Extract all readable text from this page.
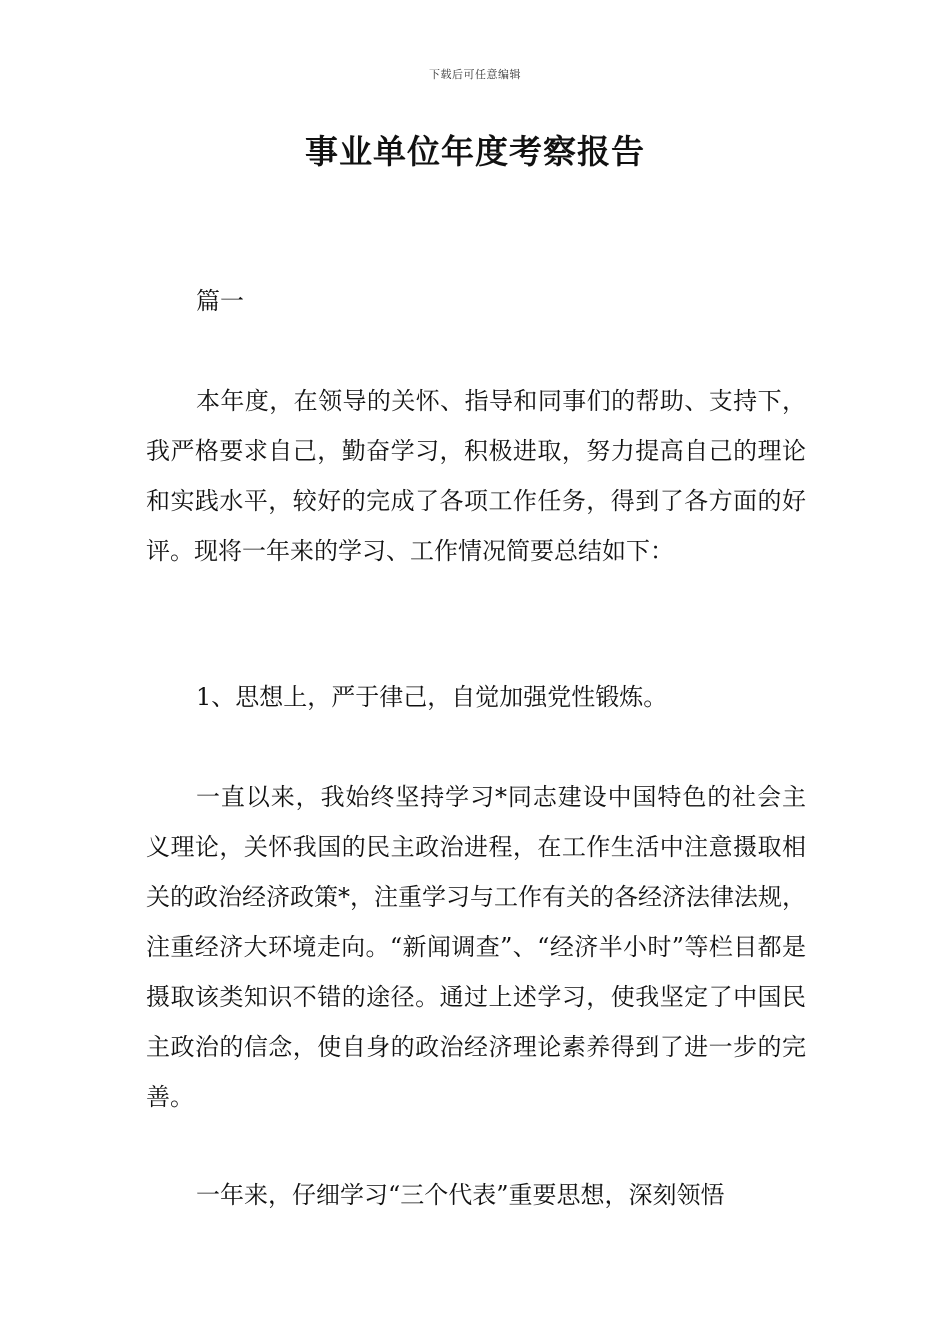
下载后可任意编辑
事业单位年度考察报告

篇一

本年度，在领导的关怀、指导和同事们的帮助、支持下，我严格要求自己，勤奋学习，积极进取，努力提高自己的理论和实践水平，较好的完成了各项工作任务，得到了各方面的好评。现将一年来的学习、工作情况简要总结如下：

1、思想上，严于律己，自觉加强党性锻炼。

一直以来，我始终坚持学习*同志建设中国特色的社会主义理论，关怀我国的民主政治进程，在工作生活中注意摄取相关的政治经济政策*，注重学习与工作有关的各经济法律法规，注重经济大环境走向。“新闻调查”、“经济半小时”等栏目都是摄取该类知识不错的途径。通过上述学习，使我坚定了中国民主政治的信念，使自身的政治经济理论素养得到了进一步的完善。

一年来，仔细学习“三个代表”重要思想，深刻领悟
